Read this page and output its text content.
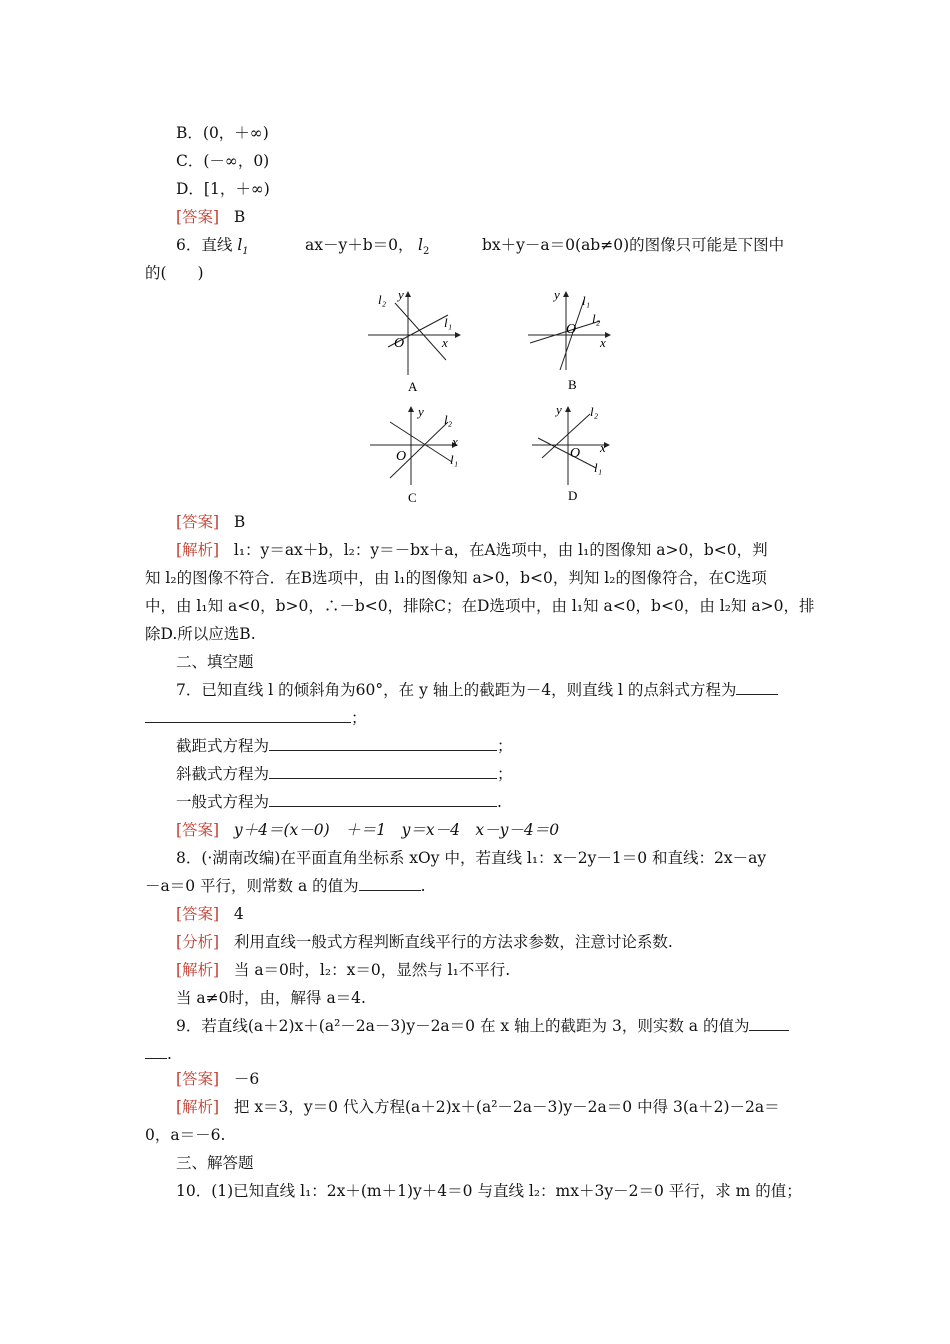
B．(0，＋∞)
C．(－∞，0)
D．[1，＋∞)
[答案] B
6．直线 $l_1$	ax－y＋b＝0， $l_2$	bx＋y－a＝0(ab≠0)的图像只可能是下图中
的(　　)
l₂ y
l₁
O	x
A
y l₁
l₂
O
x
B
y
l₂
x
O	l₁
C
y l₂
x
O
l₁
D
[答案] B
[解析] l₁：y＝ax＋b，l₂：y＝－bx＋a，在A选项中，由 l₁的图像知 a>0，b<0，判
知 l₂的图像不符合．在B选项中，由 l₁的图像知 a>0，b<0，判知 l₂的图像符合，在C选项
中，由 l₁知 a<0，b>0，∴－b<0，排除C；在D选项中，由 l₁知 a<0，b<0，由 l₂知 a>0，排
除D.所以应选B.
二、填空题
7．已知直线 l 的倾斜角为60°，在 y 轴上的截距为－4，则直线 l 的点斜式方程为
；
截距式方程为	；
斜截式方程为	；
一般式方程为	.
[答案] y＋4＝(x－0)　＋＝1　y＝x－4　x－y－4＝0
8．(·湖南改编)在平面直角坐标系 xOy 中，若直线 l₁：x－2y－1＝0 和直线：2x－ay
－a＝0 平行，则常数 a 的值为	.
[答案] 4
[分析] 利用直线一般式方程判断直线平行的方法求参数，注意讨论系数.
[解析] 当 a＝0时，l₂：x＝0，显然与 l₁不平行.
当 a≠0时，由，解得 a＝4.
9．若直线(a＋2)x＋(a²－2a－3)y－2a＝0 在 x 轴上的截距为 3，则实数 a 的值为
.
[答案] －6
[解析] 把 x＝3，y＝0 代入方程(a＋2)x＋(a²－2a－3)y－2a＝0 中得 3(a＋2)－2a＝
0，a＝－6.
三、解答题
10．(1)已知直线 l₁：2x＋(m＋1)y＋4＝0 与直线 l₂：mx＋3y－2＝0 平行，求 m 的值；
